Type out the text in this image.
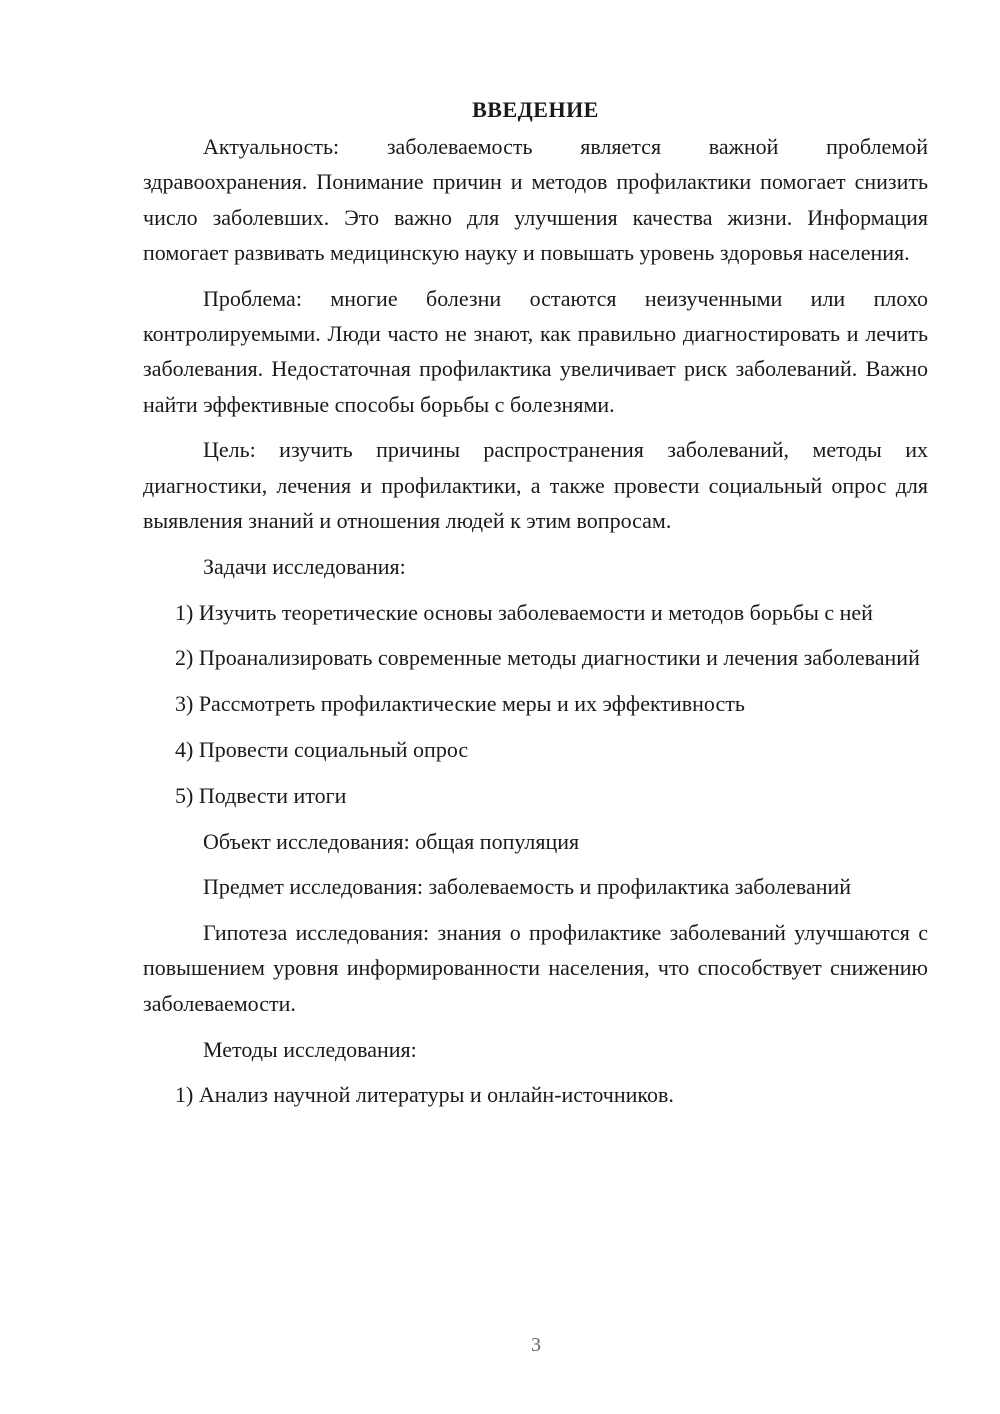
ВВЕДЕНИЕ

Актуальность: заболеваемость является важной проблемой здравоохранения. Понимание причин и методов профилактики помогает снизить число заболевших. Это важно для улучшения качества жизни. Информация помогает развивать медицинскую науку и повышать уровень здоровья населения.

Проблема: многие болезни остаются неизученными или плохо контролируемыми. Люди часто не знают, как правильно диагностировать и лечить заболевания. Недостаточная профилактика увеличивает риск заболеваний. Важно найти эффективные способы борьбы с болезнями.

Цель: изучить причины распространения заболеваний, методы их диагностики, лечения и профилактики, а также провести социальный опрос для выявления знаний и отношения людей к этим вопросам.

Задачи исследования:

1) Изучить теоретические основы заболеваемости и методов борьбы с ней

2) Проанализировать современные методы диагностики и лечения заболеваний

3) Рассмотреть профилактические меры и их эффективность

4) Провести социальный опрос

5) Подвести итоги

Объект исследования: общая популяция

Предмет исследования: заболеваемость и профилактика заболеваний

Гипотеза исследования: знания о профилактике заболеваний улучшаются с повышением уровня информированности населения, что способствует снижению заболеваемости.

Методы исследования:

1) Анализ научной литературы и онлайн-источников.

3
